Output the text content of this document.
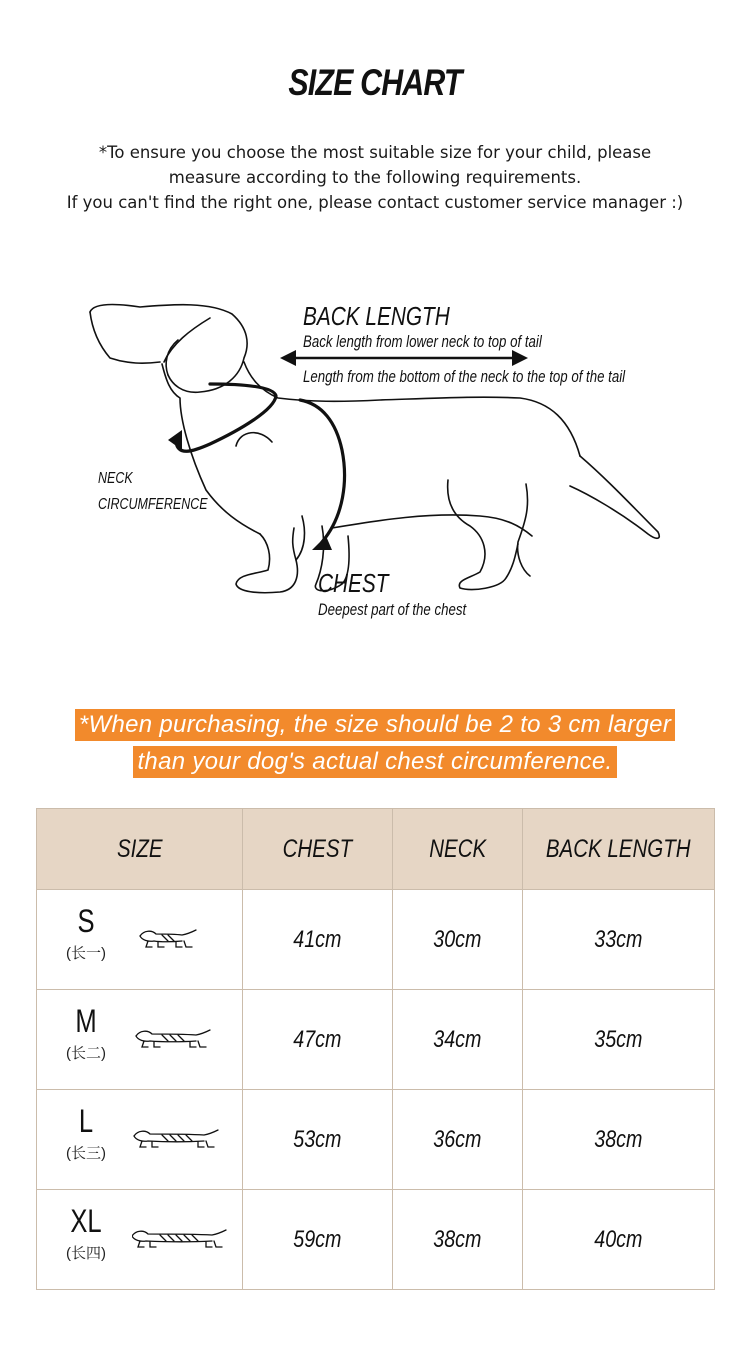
SIZE CHART
*To ensure you choose the most suitable size for your child, please
measure according to the following requirements.
If you can't find the right one, please contact customer service manager :)
BACK LENGTH
Back length from lower neck to top of tail
Length from the bottom of the neck to the top of the tail
NECK
CIRCUMFERENCE
CHEST
Deepest part of the chest
*When purchasing, the size should be 2 to 3 cm larger
than your dog's actual chest circumference.
SIZE	CHEST	NECK	BACK LENGTH

S
(长一)	41cm	30cm	33cm

M
(长二)	47cm	34cm	35cm

L
(长三)	53cm	36cm	38cm

XL
(长四)	59cm	38cm	40cm
